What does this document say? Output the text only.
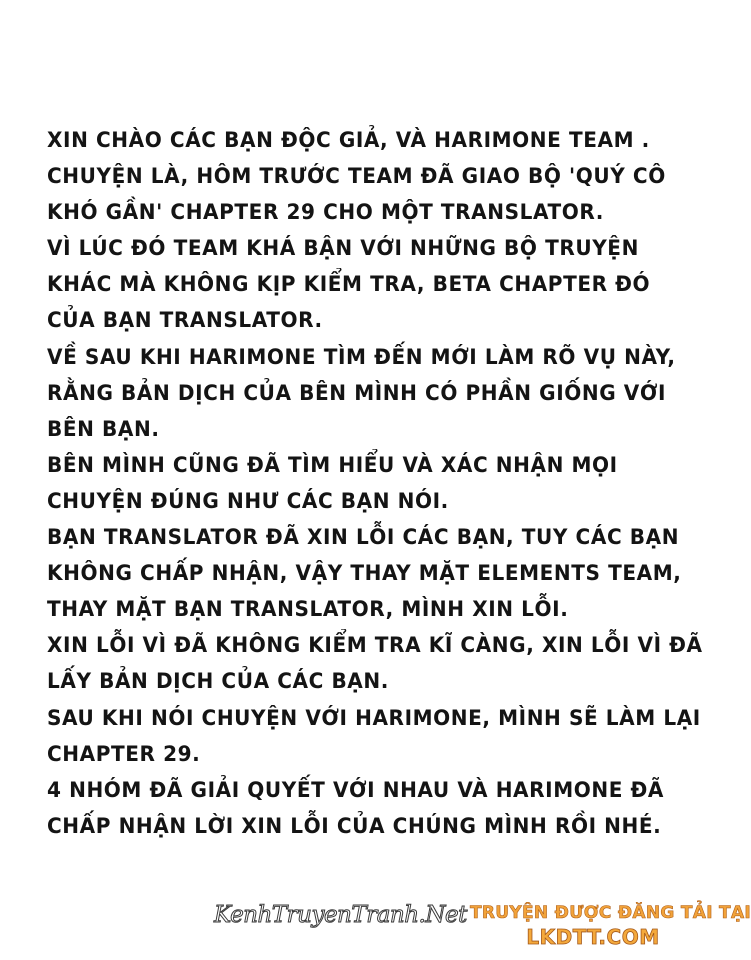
XIN CHÀO CÁC BẠN ĐỘC GIẢ, VÀ HARIMONE TEAM .
CHUYỆN LÀ, HÔM TRƯỚC TEAM ĐÃ GIAO BỘ 'QUÝ CÔ
KHÓ GẦN' CHAPTER 29 CHO MỘT TRANSLATOR.
VÌ LÚC ĐÓ TEAM KHÁ BẬN VỚI NHỮNG BỘ TRUYỆN
KHÁC MÀ KHÔNG KỊP KIỂM TRA, BETA CHAPTER ĐÓ
CỦA BẠN TRANSLATOR.
VỀ SAU KHI HARIMONE TÌM ĐẾN MỚI LÀM RÕ VỤ NÀY,
RẰNG BẢN DỊCH CỦA BÊN MÌNH CÓ PHẦN GIỐNG VỚI
BÊN BẠN.
BÊN MÌNH CŨNG ĐÃ TÌM HIỂU VÀ XÁC NHẬN MỌI
CHUYỆN ĐÚNG NHƯ CÁC BẠN NÓI.
BẠN TRANSLATOR ĐÃ XIN LỖI CÁC BẠN, TUY CÁC BẠN
KHÔNG CHẤP NHẬN, VẬY THAY MẶT ELEMENTS TEAM,
THAY MẶT BẠN TRANSLATOR, MÌNH XIN LỖI.
XIN LỖI VÌ ĐÃ KHÔNG KIỂM TRA KĨ CÀNG, XIN LỖI VÌ ĐÃ
LẤY BẢN DỊCH CỦA CÁC BẠN.
SAU KHI NÓI CHUYỆN VỚI HARIMONE, MÌNH SẼ LÀM LẠI
CHAPTER 29.
4 NHÓM ĐÃ GIẢI QUYẾT VỚI NHAU VÀ HARIMONE ĐÃ
CHẤP NHẬN LỜI XIN LỖI CỦA CHÚNG MÌNH RỒI NHÉ.
KenhTruyenTranh.Net TRUYỆN ĐƯỢC ĐĂNG TẢI TẠI
LKDTT.COM
